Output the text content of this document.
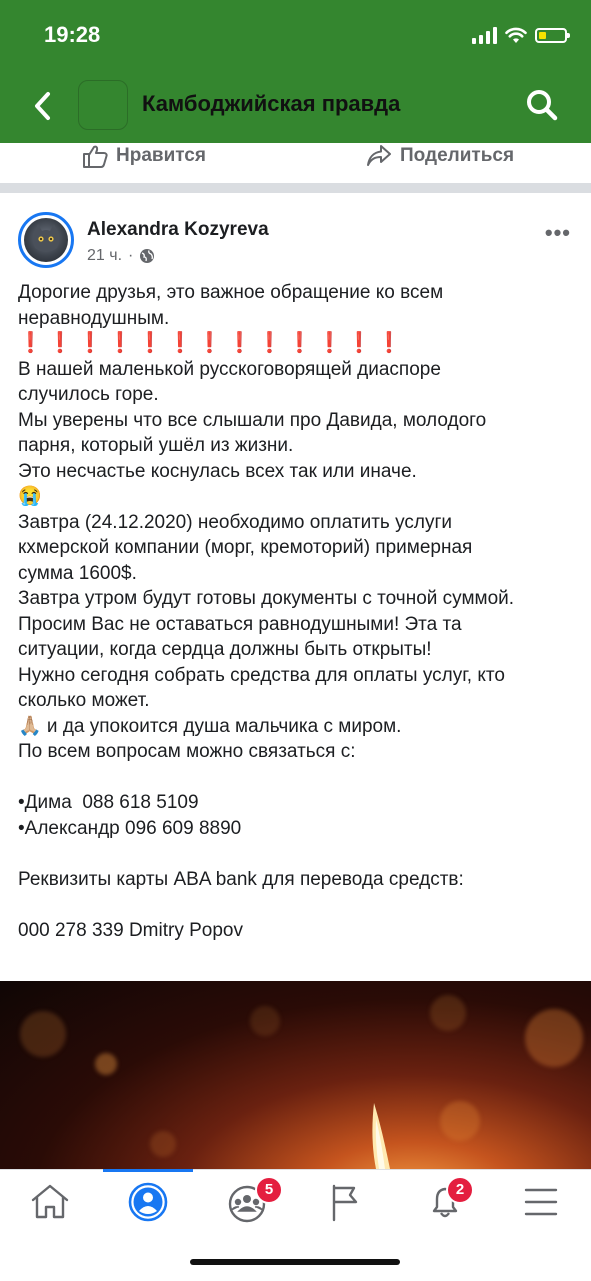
19:28
Камбоджийская правда
Нравится	Поделиться
Alexandra Kozyreva
21 ч. ·
•••

Дорогие друзья, это важное обращение ко всем
неравнодушным.

❗❗❗❗❗❗❗❗❗❗❗❗❗

В нашей маленькой русскоговорящей диаспоре
случилось горе.

Мы уверены что все слышали про Давида, молодого
парня, который ушёл из жизни.

Это несчастье коснулась всех так или иначе.

😭

Завтра (24.12.2020) необходимо оплатить услуги
кхмерской компании (морг, кремоторий) примерная
сумма 1600$.

Завтра утром будут готовы документы с точной суммой.

Просим Вас не оставаться равнодушными! Эта та
ситуации, когда сердца должны быть открыты!

Нужно сегодня собрать средства для оплаты услуг, кто
сколько может.

🙏🏼 и да упокоится душа мальчика с миром.

По всем вопросам можно связаться с:

•Дима  088 618 5109

•Александр 096 609 8890

Реквизиты карты ABA bank для перевода средств:

000 278 339 Dmitry Popov

5	2
